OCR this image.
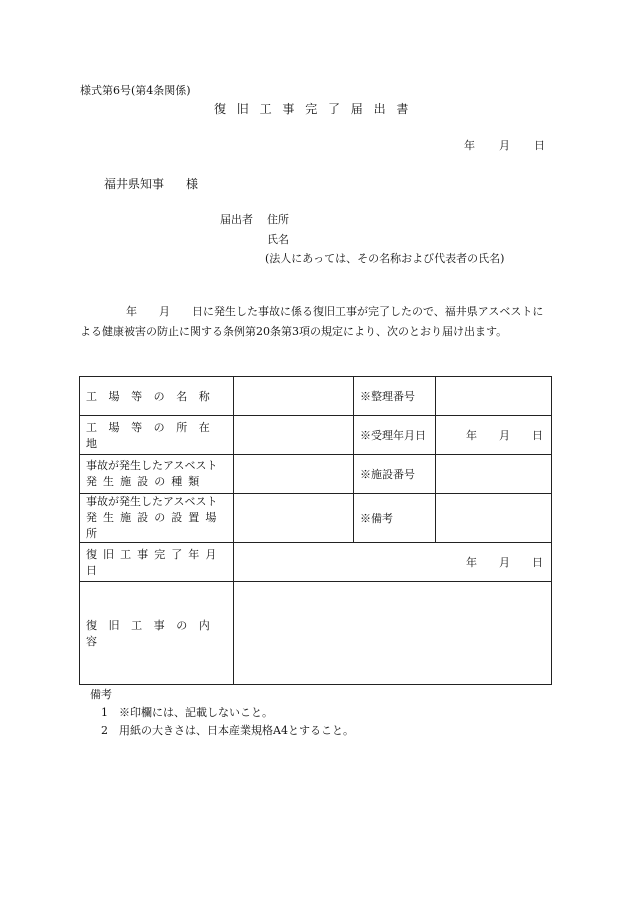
様式第6号(第4条関係)
復旧工事完了届出書
年 月 日
福井県知事 様
届出者 住所
氏名
(法人にあっては、その名称および代表者の氏名)
年 月 日に発生した事故に係る復旧工事が完了したので、福井県アスベストによる健康被害の防止に関する条例第20条第3項の規定により、次のとおり届け出ます。
工場等の名称		※整理番号	
工場等の所在地		※受理年月日	年 月 日

事故が発生したアスベスト
発生施設の種類		※施設番号	

事故が発生したアスベスト
発生施設の設置場所		※備考	
復旧工事完了年月日	年 月 日		
復旧工事の内容			
備考
1 ※印欄には、記載しないこと。
2 用紙の大きさは、日本産業規格A4とすること。
